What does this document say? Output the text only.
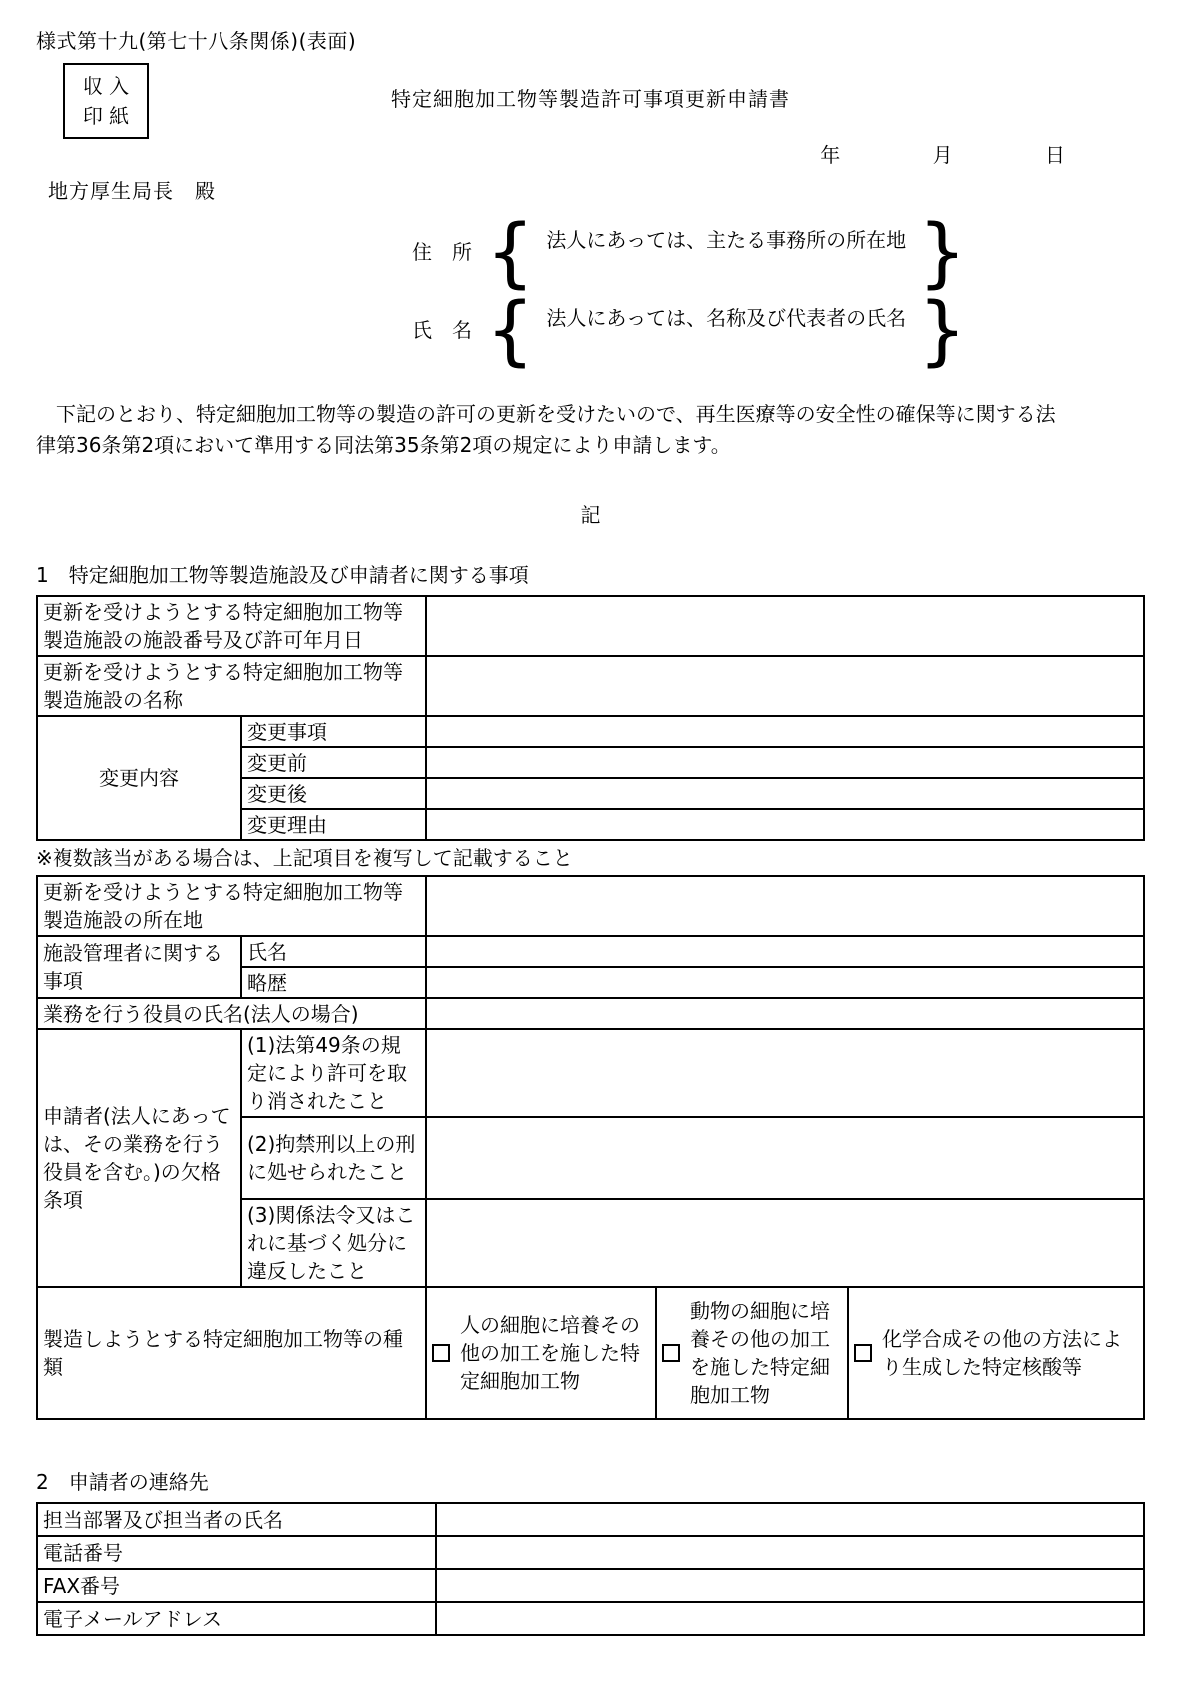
様式第十九(第七十八条関係)(表面)
収 入
印 紙
特定細胞加工物等製造許可事項更新申請書
年	月	日
地方厚生局長　殿
住　所 { 法人にあっては、主たる事務所の所在地 }
氏　名 { 法人にあっては、名称及び代表者の氏名 }
　下記のとおり、特定細胞加工物等の製造の許可の更新を受けたいので、再生医療等の安全性の確保等に関する法
律第36条第2項において準用する同法第35条第2項の規定により申請します。
記
1　特定細胞加工物等製造施設及び申請者に関する事項
更新を受けようとする特定細胞加工物等製造施設の施設番号及び許可年月日		
更新を受けようとする特定細胞加工物等製造施設の名称		
変更内容	変更事項	
	変更前	
	変更後	
	変更理由	
※複数該当がある場合は、上記項目を複写して記載すること
更新を受けようとする特定細胞加工物等製造施設の所在地				
施設管理者に関する事項	氏名			
	略歴			
業務を行う役員の氏名(法人の場合)				
申請者(法人にあっては、その業務を行う役員を含む。)の欠格条項	(1)法第49条の規定により許可を取り消されたこと			
	(2)拘禁刑以上の刑に処せられたこと			
	(3)関係法令又はこれに基づく処分に違反したこと			
製造しようとする特定細胞加工物等の種類		人の細胞に培養その他の加工を施した特定細胞加工物	動物の細胞に培養その他の加工を施した特定細胞加工物	化学合成その他の方法により生成した特定核酸等
2　申請者の連絡先
担当部署及び担当者の氏名	
電話番号	
FAX番号	
電子メールアドレス	
